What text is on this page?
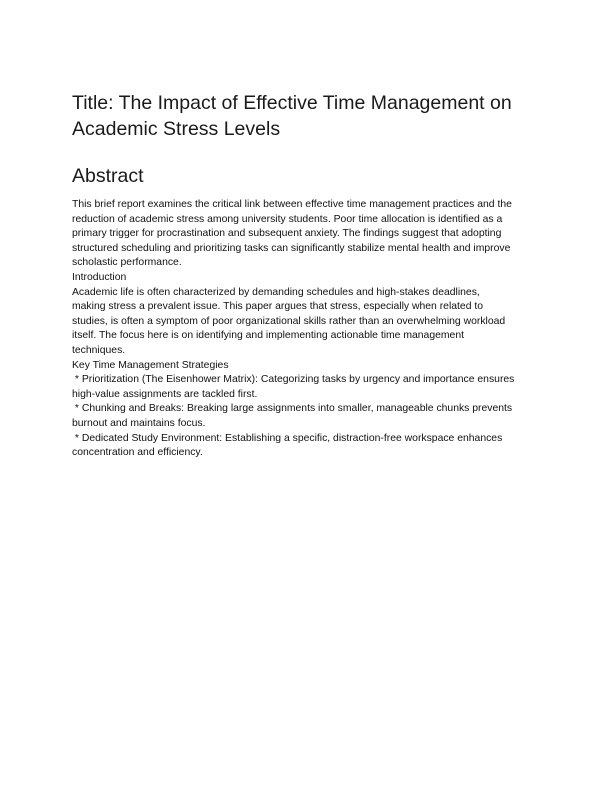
Title: The Impact of Effective Time Management on
Academic Stress Levels
Abstract
This brief report examines the critical link between effective time management practices and the
reduction of academic stress among university students. Poor time allocation is identified as a
primary trigger for procrastination and subsequent anxiety. The findings suggest that adopting
structured scheduling and prioritizing tasks can significantly stabilize mental health and improve
scholastic performance.
Introduction
Academic life is often characterized by demanding schedules and high-stakes deadlines,
making stress a prevalent issue. This paper argues that stress, especially when related to
studies, is often a symptom of poor organizational skills rather than an overwhelming workload
itself. The focus here is on identifying and implementing actionable time management
techniques.
Key Time Management Strategies
* Prioritization (The Eisenhower Matrix): Categorizing tasks by urgency and importance ensures
high-value assignments are tackled first.
* Chunking and Breaks: Breaking large assignments into smaller, manageable chunks prevents
burnout and maintains focus.
* Dedicated Study Environment: Establishing a specific, distraction-free workspace enhances
concentration and efficiency.
